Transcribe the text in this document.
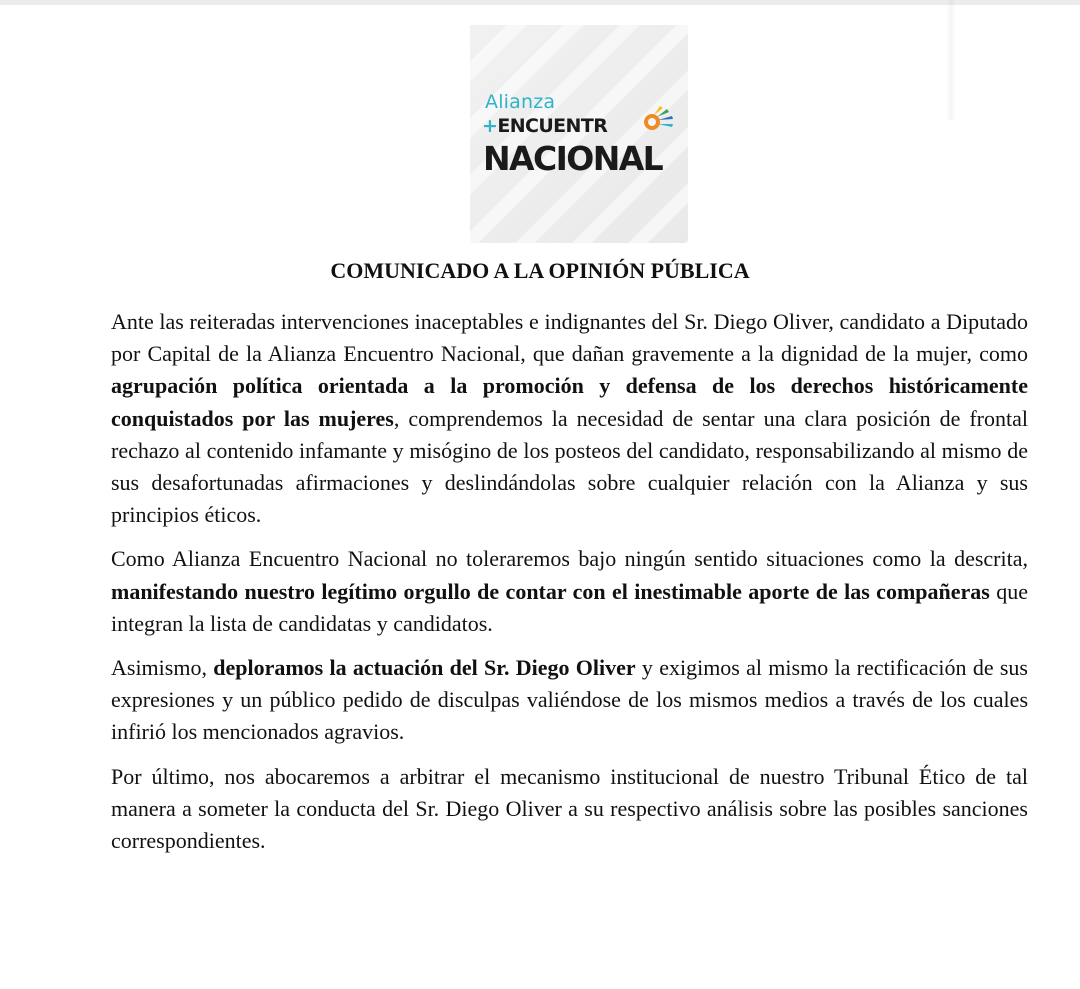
Alianza
+ENCUENTR
NACIONAL
COMUNICADO A LA OPINIÓN PÚBLICA

Ante las reiteradas intervenciones inaceptables e indignantes del Sr. Diego Oliver, candidato a Diputado por Capital de la Alianza Encuentro Nacional, que dañan gravemente a la dignidad de la mujer, como agrupación política orientada a la promoción y defensa de los derechos históricamente conquistados por las mujeres, comprendemos la necesidad de sentar una clara posición de frontal rechazo al contenido infamante y misógino de los posteos del candidato, responsabilizando al mismo de sus desafortunadas afirmaciones y deslindándolas sobre cualquier relación con la Alianza y sus principios éticos.

Como Alianza Encuentro Nacional no toleraremos bajo ningún sentido situaciones como la descrita, manifestando nuestro legítimo orgullo de contar con el inestimable aporte de las compañeras que integran la lista de candidatas y candidatos.

Asimismo, deploramos la actuación del Sr. Diego Oliver y exigimos al mismo la rectificación de sus expresiones y un público pedido de disculpas valiéndose de los mismos medios a través de los cuales infirió los mencionados agravios.

Por último, nos abocaremos a arbitrar el mecanismo institucional de nuestro Tribunal Ético de tal manera a someter la conducta del Sr. Diego Oliver a su respectivo análisis sobre las posibles sanciones correspondientes.
